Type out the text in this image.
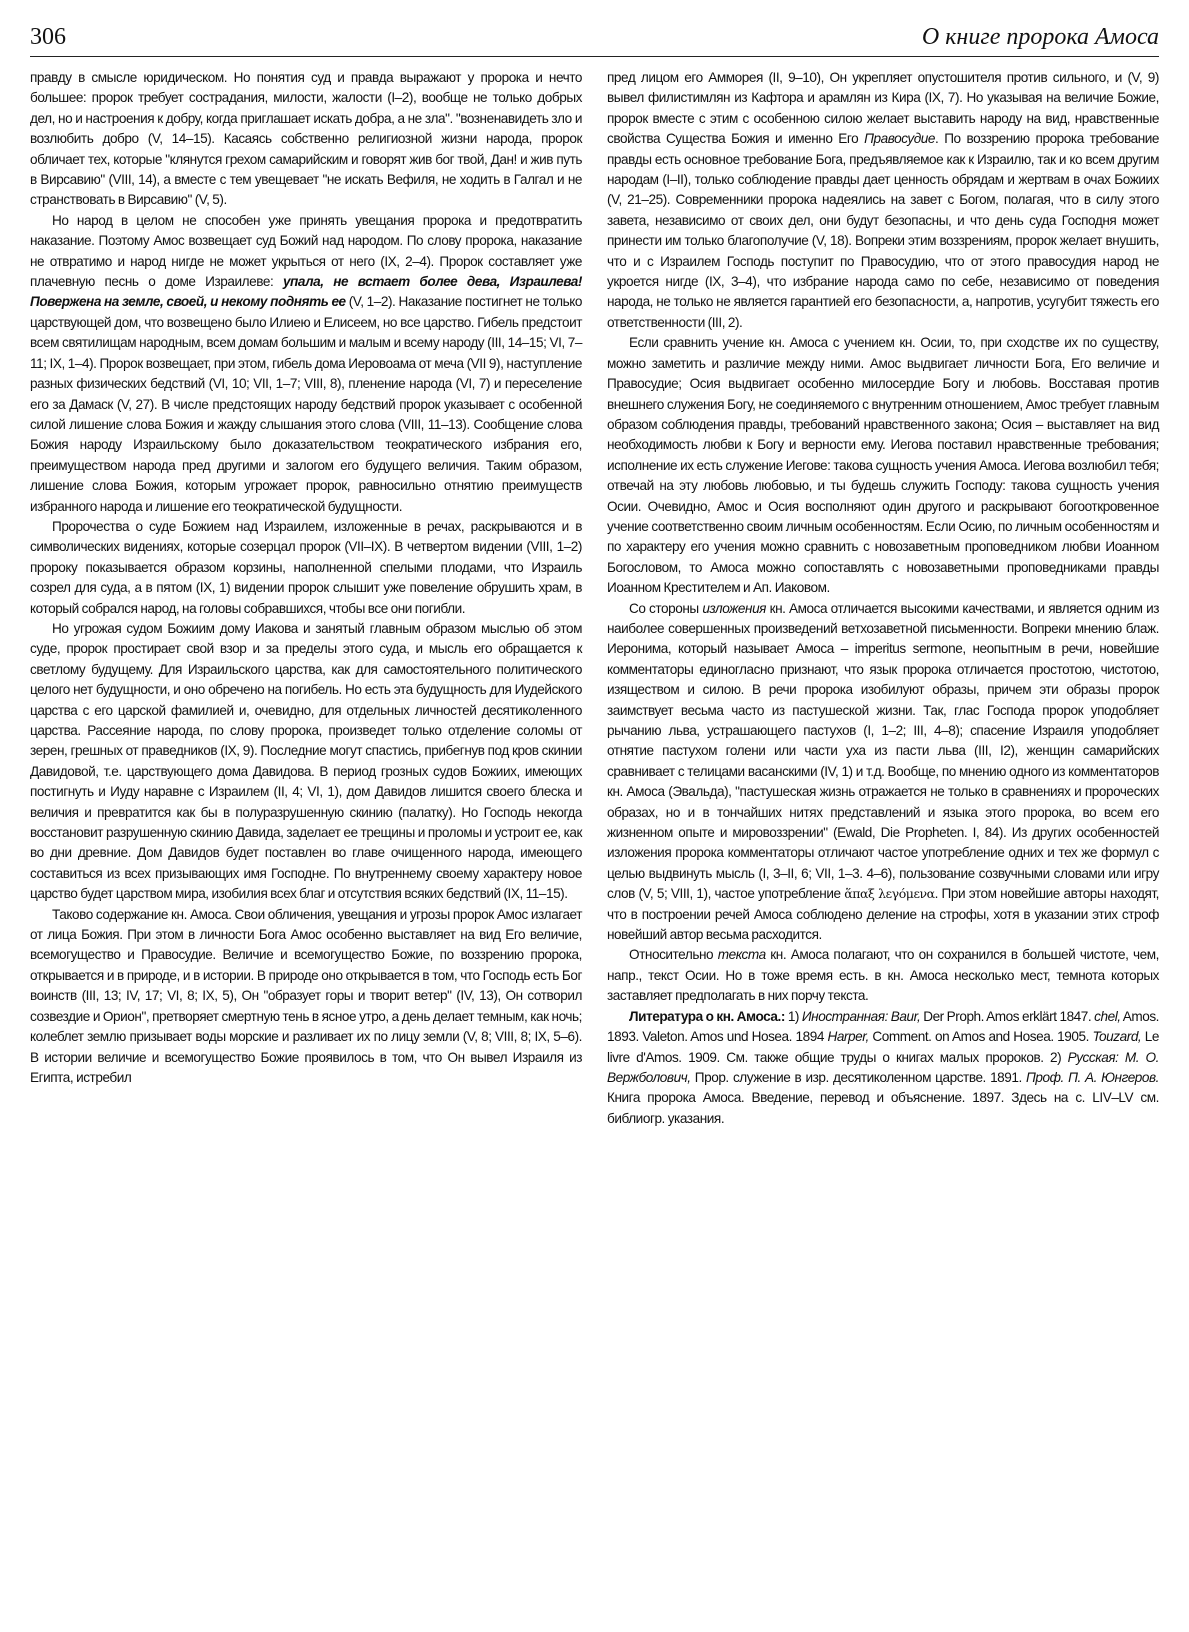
306	О книге пророка Амоса

правду в смысле юридическом. Но понятия суд и правда выражают у пророка и нечто большее: пророк требует сострадания, милости, жалости (I–2), вообще не только добрых дел, но и настроения к добру, когда приглашает искать добра, а не зла". "возненавидеть зло и возлюбить добро (V, 14–15). Касаясь собственно религиозной жизни народа, пророк обличает тех, которые "клянутся грехом самарийским и говорят жив бог твой, Дан! и жив путь в Вирсавию" (VIII, 14), а вместе с тем увещевает "не искать Вефиля, не ходить в Галгал и не странствовать в Вирсавию" (V, 5).

Но народ в целом не способен уже принять увещания пророка и предотвратить наказание. Поэтому Амос возвещает суд Божий над народом. По слову пророка, наказание не отвратимо и народ нигде не может укрыться от него (IX, 2–4). Пророк составляет уже плачевную песнь о доме Израилеве: упала, не встает более дева, Израилева! Повержена на земле, своей, и некому поднять ее (V, 1–2). Наказание постигнет не только царствующей дом, что возвещено было Илиею и Елисеем, но все царство. Гибель предстоит всем святилищам народным, всем домам большим и малым и всему народу (III, 14–15; VI, 7–11; IX, 1–4). Пророк возвещает, при этом, гибель дома Иеровоама от меча (VII 9), наступление разных физических бедствий (VI, 10; VII, 1–7; VIII, 8), пленение народа (VI, 7) и переселение его за Дамаск (V, 27). В числе предстоящих народу бедствий пророк указывает с особенной силой лишение слова Божия и жажду слышания этого слова (VIII, 11–13). Сообщение слова Божия народу Израильскому было доказательством теократического избрания его, преимуществом народа пред другими и залогом его будущего величия. Таким образом, лишение слова Божия, которым угрожает пророк, равносильно отнятию преимуществ избранного народа и лишение его теократической будущности.

Пророчества о суде Божием над Израилем, изложенные в речах, раскрываются и в символических видениях, которые созерцал пророк (VII–IX). В четвертом видении (VIII, 1–2) пророку показывается образом корзины, наполненной спелыми плодами, что Израиль созрел для суда, а в пятом (IX, 1) видении пророк слышит уже повеление обрушить храм, в который собрался народ, на головы собравшихся, чтобы все они погибли.

Но угрожая судом Божиим дому Иакова и занятый главным образом мыслью об этом суде, пророк простирает свой взор и за пределы этого суда, и мысль его обращается к светлому будущему. Для Израильского царства, как для самостоятельного политического целого нет будущности, и оно обречено на погибель. Но есть эта будущность для Иудейского царства с его царской фамилией и, очевидно, для отдельных личностей десятиколенного царства. Рассеяние народа, по слову пророка, произведет только отделение соломы от зерен, грешных от праведников (IX, 9). Последние могут спастись, прибегнув под кров скинии Давидовой, т.е. царствующего дома Давидова. В период грозных судов Божиих, имеющих постигнуть и Иуду наравне с Израилем (II, 4; VI, 1), дом Давидов лишится своего блеска и величия и превратится как бы в полуразрушенную скинию (палатку). Но Господь некогда восстановит разрушенную скинию Давида, заделает ее трещины и проломы и устроит ее, как во дни древние. Дом Давидов будет поставлен во главе очищенного народа, имеющего составиться из всех призывающих имя Господне. По внутреннему своему характеру новое царство будет царством мира, изобилия всех благ и отсутствия всяких бедствий (IX, 11–15).

Таково содержание кн. Амоса. Свои обличения, увещания и угрозы пророк Амос излагает от лица Божия. При этом в личности Бога Амос особенно выставляет на вид Его величие, всемогущество и Правосудие. Величие и всемогущество Божие, по воззрению пророка, открывается и в природе, и в истории. В природе оно открывается в том, что Господь есть Бог воинств (III, 13; IV, 17; VI, 8; IX, 5), Он "образует горы и творит ветер" (IV, 13), Он сотворил созвездие и Орион", претворяет смертную тень в ясное утро, а день делает темным, как ночь; колеблет землю призывает воды морские и разливает их по лицу земли (V, 8; VIII, 8; IX, 5–6). В истории величие и всемогущество Божие проявилось в том, что Он вывел Израиля из Египта, истребил

пред лицом его Амморея (II, 9–10), Он укрепляет опустошителя против сильного, и (V, 9) вывел филистимлян из Кафтора и арамлян из Кира (IX, 7). Но указывая на величие Божие, пророк вместе с этим с особенною силою желает выставить народу на вид, нравственные свойства Существа Божия и именно Его Правосудие. По воззрению пророка требование правды есть основное требование Бога, предъявляемое как к Израилю, так и ко всем другим народам (I–II), только соблюдение правды дает ценность обрядам и жертвам в очах Божиих (V, 21–25). Современники пророка надеялись на завет с Богом, полагая, что в силу этого завета, независимо от своих дел, они будут безопасны, и что день суда Господня может принести им только благополучие (V, 18). Вопреки этим воззрениям, пророк желает внушить, что и с Израилем Господь поступит по Правосудию, что от этого правосудия народ не укроется нигде (IX, 3–4), что избрание народа само по себе, независимо от поведения народа, не только не является гарантией его безопасности, а, напротив, усугубит тяжесть его ответственности (III, 2).

Если сравнить учение кн. Амоса с учением кн. Осии, то, при сходстве их по существу, можно заметить и различие между ними. Амос выдвигает личности Бога, Его величие и Правосудие; Осия выдвигает особенно милосердие Богу и любовь. Восставая против внешнего служения Богу, не соединяемого с внутренним отношением, Амос требует главным образом соблюдения правды, требований нравственного закона; Осия – выставляет на вид необходимость любви к Богу и верности ему. Иегова поставил нравственные требования; исполнение их есть служение Иегове: такова сущность учения Амоса. Иегова возлюбил тебя; отвечай на эту любовь любовью, и ты будешь служить Господу: такова сущность учения Осии. Очевидно, Амос и Осия восполняют один другого и раскрывают богооткровенное учение соответственно своим личным особенностям. Если Осию, по личным особенностям и по характеру его учения можно сравнить с новозаветным проповедником любви Иоанном Богословом, то Амоса можно сопоставлять с новозаветными проповедниками правды Иоанном Крестителем и Ап. Иаковом.

Со стороны изложения кн. Амоса отличается высокими качествами, и является одним из наиболее совершенных произведений ветхозаветной письменности. Вопреки мнению блаж. Иеронима, который называет Амоса – imperitus sermone, неопытным в речи, новейшие комментаторы единогласно признают, что язык пророка отличается простотою, чистотою, изяществом и силою. В речи пророка изобилуют образы, причем эти образы пророк заимствует весьма часто из пастушеской жизни. Так, глас Господа пророк уподобляет рычанию льва, устрашающего пастухов (I, 1–2; III, 4–8); спасение Израиля уподобляет отнятие пастухом голени или части уха из пасти льва (III, I2), женщин самарийских сравнивает с телицами васанскими (IV, 1) и т.д. Вообще, по мнению одного из комментаторов кн. Амоса (Эвальда), "пастушеская жизнь отражается не только в сравнениях и пророческих образах, но и в тончайших нитях представлений и языка этого пророка, во всем его жизненном опыте и мировоззрении" (Ewald, Die Propheten. I, 84). Из других особенностей изложения пророка комментаторы отличают частое употребление одних и тех же формул с целью выдвинуть мысль (I, 3–II, 6; VII, 1–3. 4–6), пользование созвучными словами или игру слов (V, 5; VIII, 1), частое употребление ἅπαξ λεγόμενα. При этом новейшие авторы находят, что в построении речей Амоса соблюдено деление на строфы, хотя в указании этих строф новейший автор весьма расходится.

Относительно текста кн. Амоса полагают, что он сохранился в большей чистоте, чем, напр., текст Осии. Но в тоже время есть. в кн. Амоса несколько мест, темнота которых заставляет предполагать в них порчу текста.

Литература о кн. Амоса.: 1) Иностранная: Baur, Der Proph. Amos erklärt 1847. chel, Amos. 1893. Valeton. Amos und Hosea. 1894 Harper, Comment. on Amos and Hosea. 1905. Touzard, Le livre d'Amos. 1909. См. также общие труды о книгах малых пророков. 2) Русская: М. О. Вержболович, Прор. служение в изр. десятиколенном царстве. 1891. Проф. П. А. Юнгеров. Книга пророка Амоса. Введение, перевод и объяснение. 1897. Здесь на с. LIV–LV см. библиогр. указания.
